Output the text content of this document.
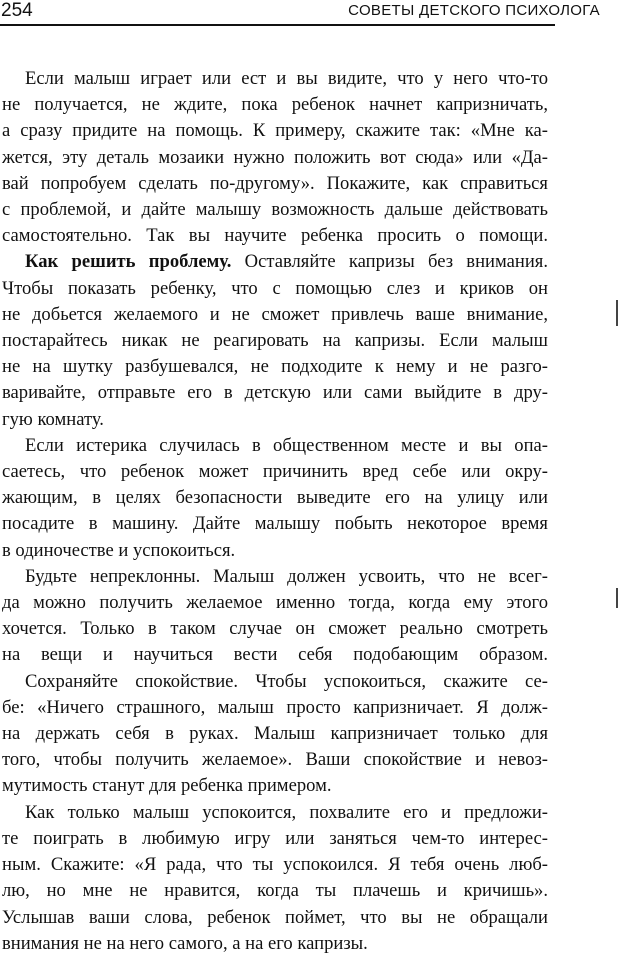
254	СОВЕТЫ ДЕТСКОГО ПСИХОЛОГА
Если малыш играет или ест и вы видите, что у него что-то
не получается, не ждите, пока ребенок начнет капризничать,
а сразу придите на помощь. К примеру, скажите так: «Мне ка-
жется, эту деталь мозаики нужно положить вот сюда» или «Да-
вай попробуем сделать по-другому». Покажите, как справиться
с проблемой, и дайте малышу возможность дальше действовать
самостоятельно. Так вы научите ребенка просить о помощи.
Как решить проблему. Оставляйте капризы без внимания.
Чтобы показать ребенку, что с помощью слез и криков он
не добьется желаемого и не сможет привлечь ваше внимание,
постарайтесь никак не реагировать на капризы. Если малыш
не на шутку разбушевался, не подходите к нему и не разго-
варивайте, отправьте его в детскую или сами выйдите в дру-
гую комнату.
Если истерика случилась в общественном месте и вы опа-
саетесь, что ребенок может причинить вред себе или окру-
жающим, в целях безопасности выведите его на улицу или
посадите в машину. Дайте малышу побыть некоторое время
в одиночестве и успокоиться.
Будьте непреклонны. Малыш должен усвоить, что не всег-
да можно получить желаемое именно тогда, когда ему этого
хочется. Только в таком случае он сможет реально смотреть
на вещи и научиться вести себя подобающим образом.
Сохраняйте спокойствие. Чтобы успокоиться, скажите се-
бе: «Ничего страшного, малыш просто капризничает. Я долж-
на держать себя в руках. Малыш капризничает только для
того, чтобы получить желаемое». Ваши спокойствие и невоз-
мутимость станут для ребенка примером.
Как только малыш успокоится, похвалите его и предложи-
те поиграть в любимую игру или заняться чем-то интерес-
ным. Скажите: «Я рада, что ты успокоился. Я тебя очень люб-
лю, но мне не нравится, когда ты плачешь и кричишь».
Услышав ваши слова, ребенок поймет, что вы не обращали
внимания не на него самого, а на его капризы.
